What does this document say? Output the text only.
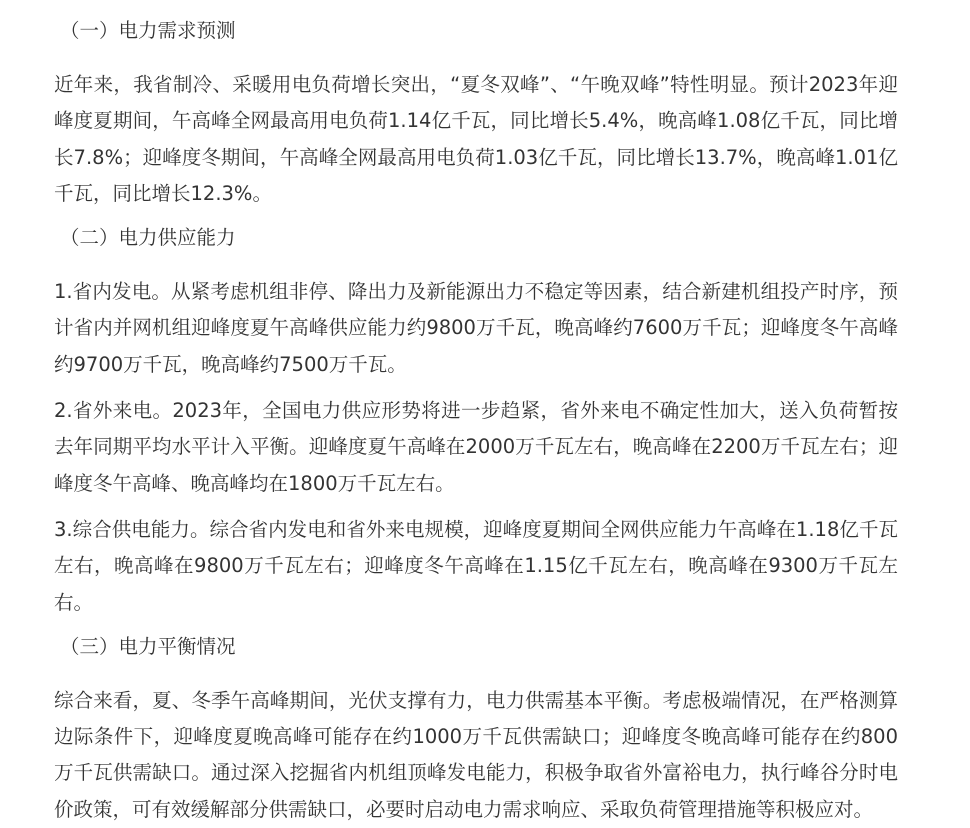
（一）电力需求预测

近年来，我省制冷、采暖用电负荷增长突出，“夏冬双峰”、“午晚双峰”特性明显。预计2023年迎峰度夏期间，午高峰全网最高用电负荷1.14亿千瓦，同比增长5.4%，晚高峰1.08亿千瓦，同比增长7.8%；迎峰度冬期间，午高峰全网最高用电负荷1.03亿千瓦，同比增长13.7%，晚高峰1.01亿千瓦，同比增长12.3%。

（二）电力供应能力

1.省内发电。从紧考虑机组非停、降出力及新能源出力不稳定等因素，结合新建机组投产时序，预计省内并网机组迎峰度夏午高峰供应能力约9800万千瓦，晚高峰约7600万千瓦；迎峰度冬午高峰约9700万千瓦，晚高峰约7500万千瓦。

2.省外来电。2023年，全国电力供应形势将进一步趋紧，省外来电不确定性加大，送入负荷暂按去年同期平均水平计入平衡。迎峰度夏午高峰在2000万千瓦左右，晚高峰在2200万千瓦左右；迎峰度冬午高峰、晚高峰均在1800万千瓦左右。

3.综合供电能力。综合省内发电和省外来电规模，迎峰度夏期间全网供应能力午高峰在1.18亿千瓦左右，晚高峰在9800万千瓦左右；迎峰度冬午高峰在1.15亿千瓦左右，晚高峰在9300万千瓦左右。

（三）电力平衡情况

综合来看，夏、冬季午高峰期间，光伏支撑有力，电力供需基本平衡。考虑极端情况，在严格测算边际条件下，迎峰度夏晚高峰可能存在约1000万千瓦供需缺口；迎峰度冬晚高峰可能存在约800万千瓦供需缺口。通过深入挖掘省内机组顶峰发电能力，积极争取省外富裕电力，执行峰谷分时电价政策，可有效缓解部分供需缺口，必要时启动电力需求响应、采取负荷管理措施等积极应对。
